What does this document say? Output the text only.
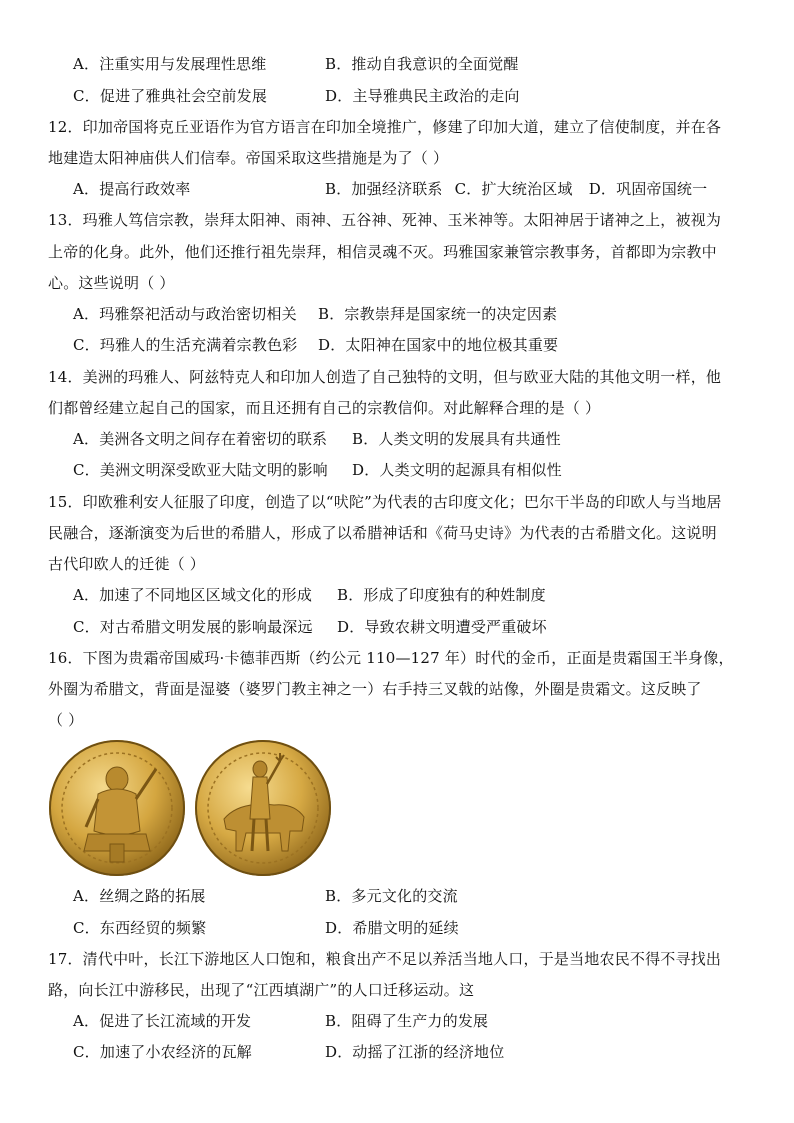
A．注重实用与发展理性思维	B．推动自我意识的全面觉醒
C．促进了雅典社会空前发展	D．主导雅典民主政治的走向
12．印加帝国将克丘亚语作为官方语言在印加全境推广，修建了印加大道，建立了信使制度，并在各
地建造太阳神庙供人们信奉。帝国采取这些措施是为了（ ）
A．提高行政效率	B．加强经济联系 C．扩大统治区域 D．巩固帝国统一
13．玛雅人笃信宗教，崇拜太阳神、雨神、五谷神、死神、玉米神等。太阳神居于诸神之上，被视为
上帝的化身。此外，他们还推行祖先崇拜，相信灵魂不灭。玛雅国家兼管宗教事务，首都即为宗教中
心。这些说明（ ）
A．玛雅祭祀活动与政治密切相关 B．宗教崇拜是国家统一的决定因素
C．玛雅人的生活充满着宗教色彩 D．太阳神在国家中的地位极其重要
14．美洲的玛雅人、阿兹特克人和印加人创造了自己独特的文明，但与欧亚大陆的其他文明一样，他
们都曾经建立起自己的国家，而且还拥有自己的宗教信仰。对此解释合理的是（ ）
A．美洲各文明之间存在着密切的联系 B．人类文明的发展具有共通性
C．美洲文明深受欧亚大陆文明的影响 D．人类文明的起源具有相似性
15．印欧雅利安人征服了印度，创造了以“吠陀”为代表的古印度文化；巴尔干半岛的印欧人与当地居
民融合，逐渐演变为后世的希腊人，形成了以希腊神话和《荷马史诗》为代表的古希腊文化。这说明
古代印欧人的迁徙（ ）
A．加速了不同地区区域文化的形成 B．形成了印度独有的种姓制度
C．对古希腊文明发展的影响最深远 D．导致农耕文明遭受严重破坏
16．下图为贵霜帝国威玛·卡德菲西斯（约公元 110—127 年）时代的金币，正面是贵霜国王半身像，
外圈为希腊文，背面是湿婆（婆罗门教主神之一）右手持三叉戟的站像，外圈是贵霜文。这反映了
（ ）
A．丝绸之路的拓展	B．多元文化的交流
C．东西经贸的频繁	D．希腊文明的延续
17．清代中叶，长江下游地区人口饱和，粮食出产不足以养活当地人口，于是当地农民不得不寻找出
路，向长江中游移民，出现了“江西填湖广”的人口迁移运动。这
A．促进了长江流域的开发	B．阻碍了生产力的发展
C．加速了小农经济的瓦解	D．动摇了江浙的经济地位
